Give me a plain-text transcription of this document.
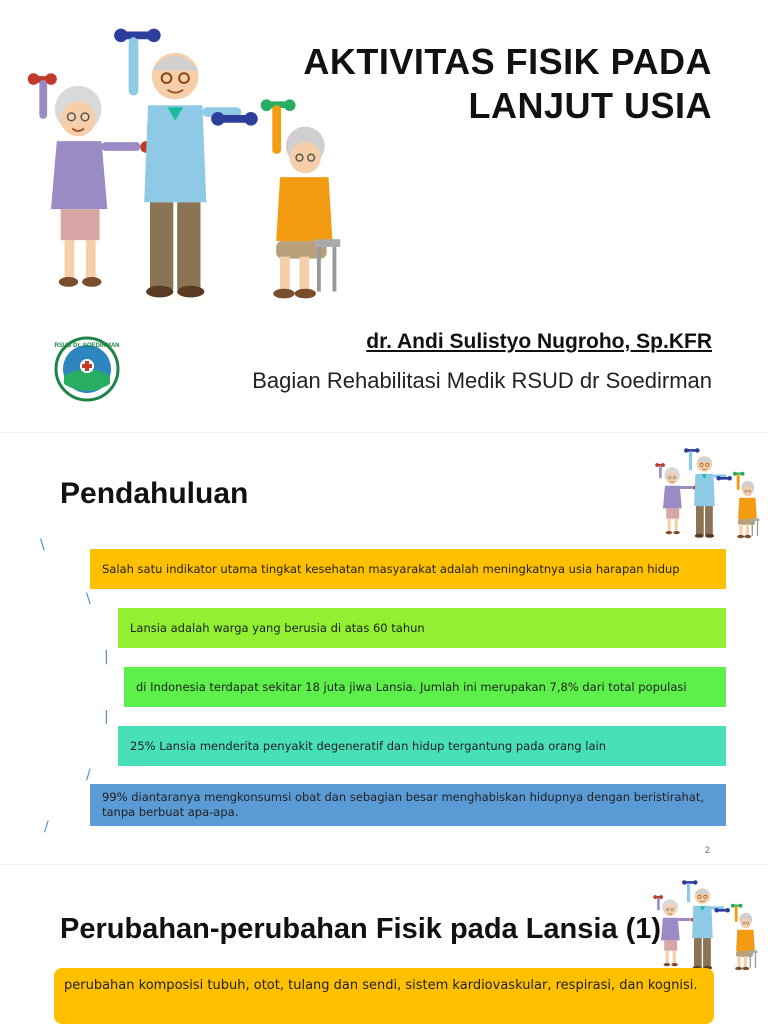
AKTIVITAS FISIK PADA
LANJUT USIA
RSUD Dr. SOEDIRMAN	dr. Andi Sulistyo Nugroho, Sp.KFR
Bagian Rehabilitasi Medik RSUD dr Soedirman
Pendahuluan
\
\
|
|
/
/
Salah satu indikator utama tingkat kesehatan masyarakat adalah meningkatnya usia harapan hidup
Lansia adalah warga yang berusia di atas 60 tahun
di Indonesia terdapat sekitar 18 juta jiwa Lansia. Jumlah ini merupakan 7,8% dari total populasi
25% Lansia menderita penyakit degeneratif dan hidup tergantung pada orang lain
99% diantaranya mengkonsumsi obat dan sebagian besar menghabiskan hidupnya dengan beristirahat, tanpa berbuat apa-apa.
2
Perubahan-perubahan Fisik pada Lansia (1)
perubahan komposisi tubuh, otot, tulang dan sendi, sistem kardiovaskular, respirasi, dan kognisi.
